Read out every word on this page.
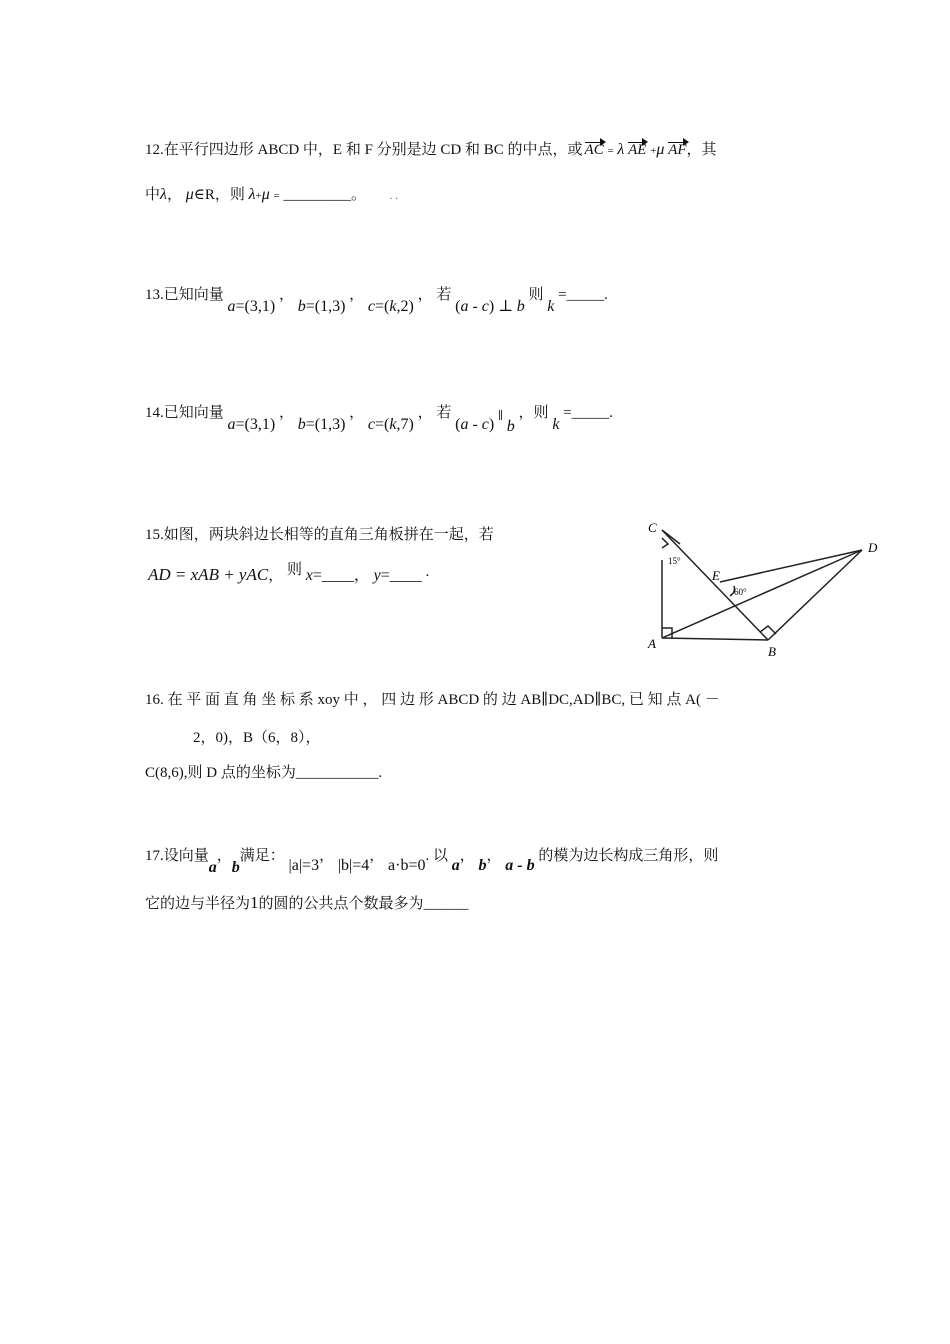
12.在平行四边形 ABCD 中，E 和 F 分别是边 CD 和 BC 的中点，或 AC = λ AE +μ AF，其
中λ， μ∈R，则 λ+μ = _________。 . .
13.已知向量 a=(3,1) ， b=(1,3) ， c=(k,2) ， 若 (a - c) ⊥ b 则 k =_____.
14.已知向量 a=(3,1) ， b=(1,3) ， c=(k,7) ， 若 (a - c) ∥ b ，则 k =_____.
15.如图，两块斜边长相等的直角三角板拼在一起，若
AD = xAB + yAC， 则 x=____， y=____ .
C
15°
E
60°
D
A
B
16. 在 平 面 直 角 坐 标 系 xoy 中 ， 四 边 形 ABCD 的 边 AB∥DC,AD∥BC, 已 知 点 A( －
2，0)，B（6，8），
C(8,6),则 D 点的坐标为___________.
17.设向量a，b满足： |a|=3， |b|=4， a·b=0. 以 a， b， a - b 的模为边长构成三角形，则
它的边与半径为1的圆的公共点个数最多为______
